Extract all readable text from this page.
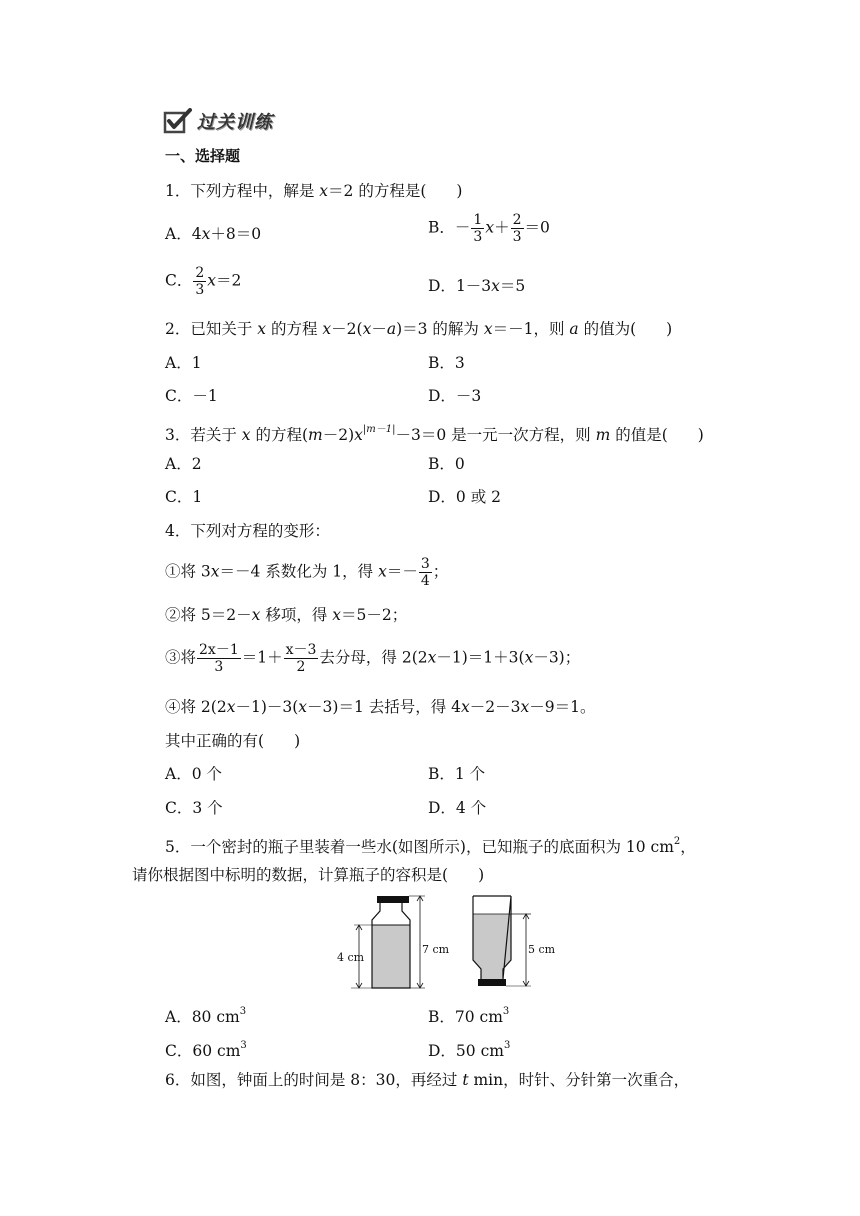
过关训练
一、选择题
1．下列方程中，解是 x＝2 的方程是( )
A．4x＋8＝0	B．－ $\frac{1}{3} x+ \frac{2}{3} =0$
C． $\frac{2}{3} x=2$	D．1－3x＝5
2．已知关于 x 的方程 x－2(x－a)＝3 的解为 x＝－1，则 a 的值为( )
A．1	B．3
C．－1	D．－3
3．若关于 x 的方程$(m-2)x^{|m-1|}-3=0$ 是一元一次方程，则 m 的值是( )
A．2	B．0
C．1	D．0 或 2
4．下列对方程的变形：
①将 3x＝－4 系数化为 1，得 $x=- \frac{3}{4}$ ；
②将 5＝2－x 移项，得 x＝5－2；
③将 $\frac{2x-1}{3} =1+ \frac{x-3}{2}$ 去分母，得 2(2x－1)＝1＋3(x－3)；
④将 2(2x－1)－3(x－3)＝1 去括号，得 4x－2－3x－9＝1。
其中正确的有( )
A．0 个	B．1 个
C．3 个	D．4 个
5．一个密封的瓶子里装着一些水(如图所示)，已知瓶子的底面积为 10 $cm^2$，
请你根据图中标明的数据，计算瓶子的容积是( )
4 cm
7 cm	5 cm
A．80 $cm^3$	B．70 $cm^3$
C．60 $cm^3$	D．50 $cm^3$
6．如图，钟面上的时间是 8：30，再经过 t min，时针、分针第一次重合，
